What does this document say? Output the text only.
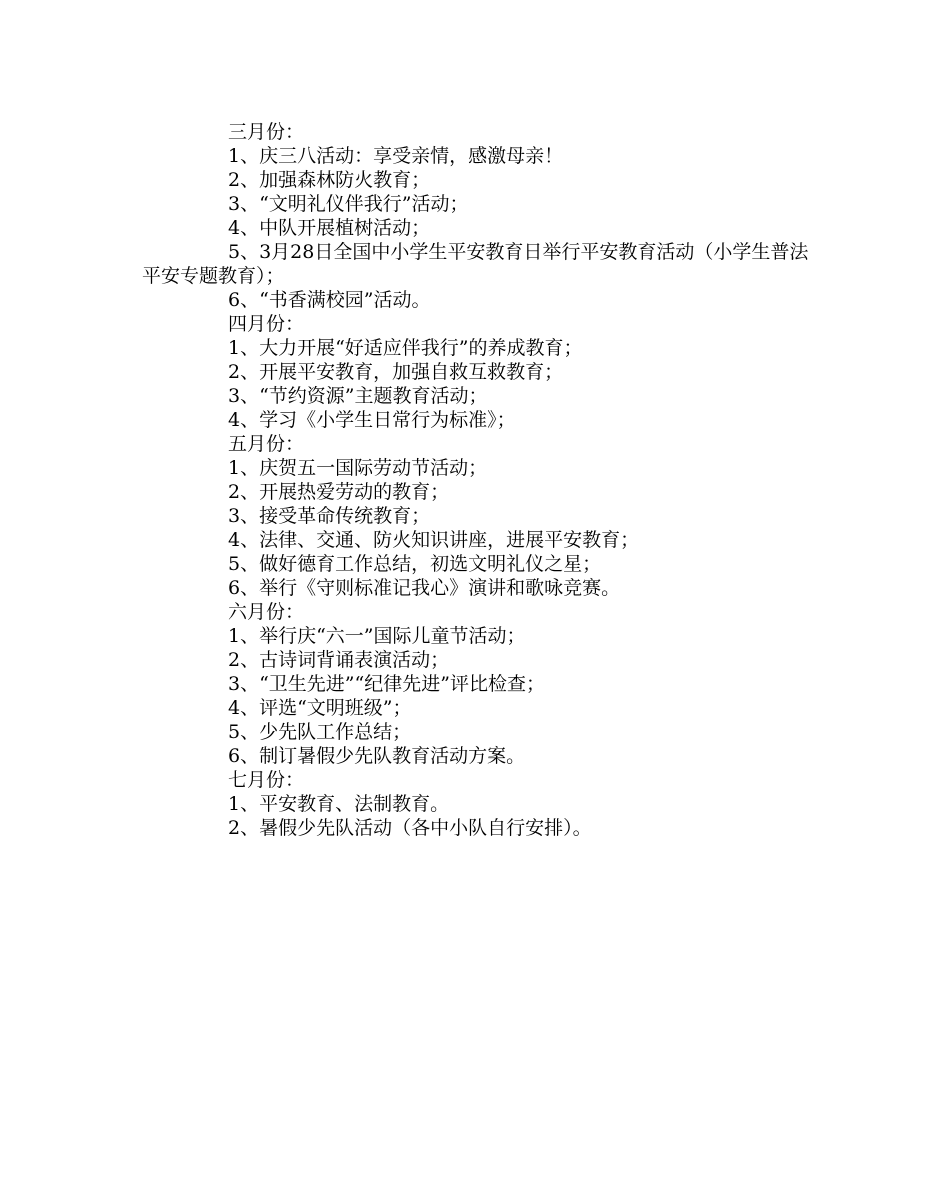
三月份：

1、庆三八活动：享受亲情，感激母亲！

2、加强森林防火教育；

3、“文明礼仪伴我行”活动；

4、中队开展植树活动；

5、3月28日全国中小学生平安教育日举行平安教育活动（小学生普法平安专题教育）；

6、“书香满校园”活动。

四月份：

1、大力开展“好适应伴我行”的养成教育；

2、开展平安教育，加强自救互救教育；

3、“节约资源”主题教育活动；

4、学习《小学生日常行为标准》；

五月份：

1、庆贺五一国际劳动节活动；

2、开展热爱劳动的教育；

3、接受革命传统教育；

4、法律、交通、防火知识讲座，进展平安教育；

5、做好德育工作总结，初选文明礼仪之星；

6、举行《守则标准记我心》演讲和歌咏竞赛。

六月份：

1、举行庆“六一”国际儿童节活动；

2、古诗词背诵表演活动；

3、“卫生先进”“纪律先进”评比检查；

4、评选“文明班级”；

5、少先队工作总结；

6、制订暑假少先队教育活动方案。

七月份：

1、平安教育、法制教育。

2、暑假少先队活动（各中小队自行安排）。
